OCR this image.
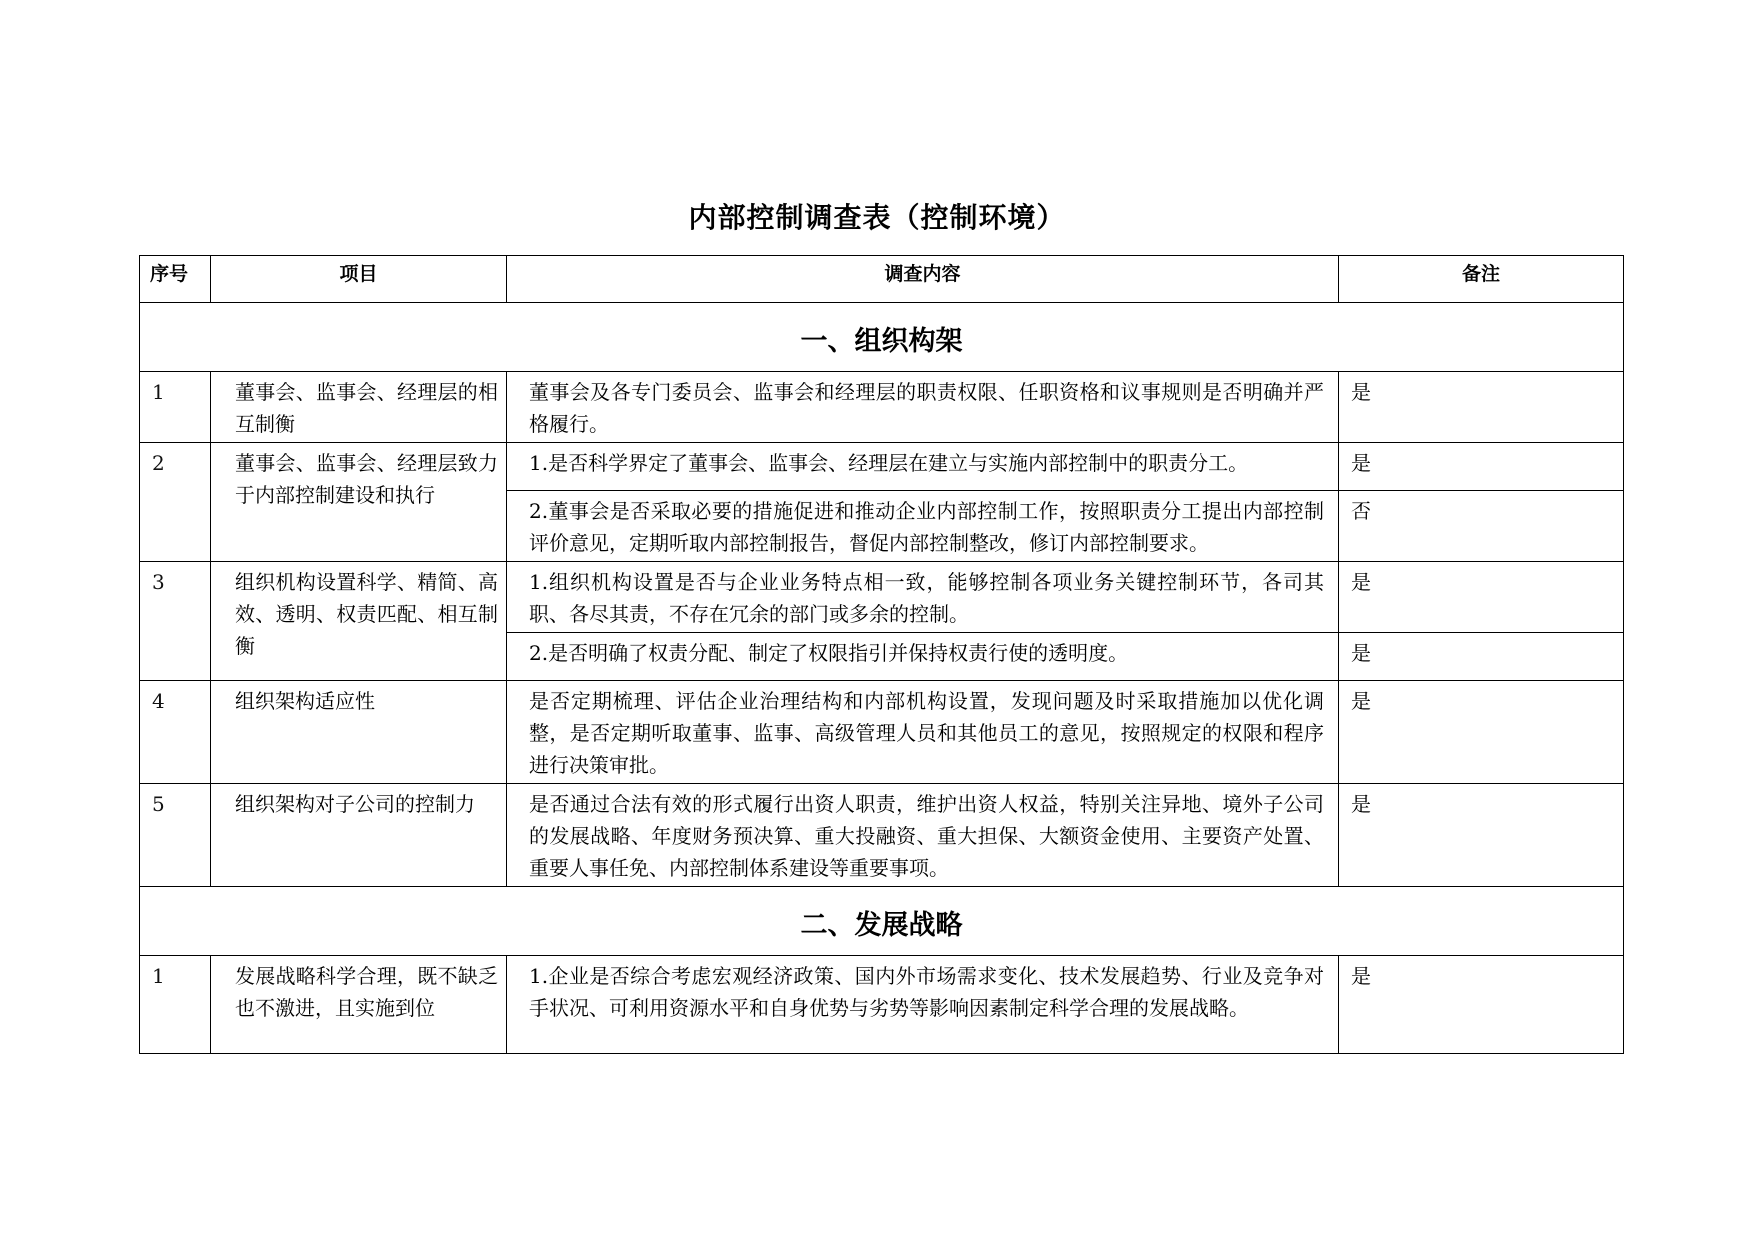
内部控制调查表（控制环境）
序号	项目	调查内容	备注
一、组织构架			
1	董事会、监事会、经理层的相互制衡	董事会及各专门委员会、监事会和经理层的职责权限、任职资格和议事规则是否明确并严格履行。	是
2	董事会、监事会、经理层致力于内部控制建设和执行	1.是否科学界定了董事会、监事会、经理层在建立与实施内部控制中的职责分工。	是
		2.董事会是否采取必要的措施促进和推动企业内部控制工作，按照职责分工提出内部控制评价意见，定期听取内部控制报告，督促内部控制整改，修订内部控制要求。	否
3	组织机构设置科学、精简、高效、透明、权责匹配、相互制衡	1.组织机构设置是否与企业业务特点相一致，能够控制各项业务关键控制环节，各司其职、各尽其责，不存在冗余的部门或多余的控制。	是
		2.是否明确了权责分配、制定了权限指引并保持权责行使的透明度。	是
4	组织架构适应性	是否定期梳理、评估企业治理结构和内部机构设置，发现问题及时采取措施加以优化调整，是否定期听取董事、监事、高级管理人员和其他员工的意见，按照规定的权限和程序进行决策审批。	是
5	组织架构对子公司的控制力	是否通过合法有效的形式履行出资人职责，维护出资人权益，特别关注异地、境外子公司的发展战略、年度财务预决算、重大投融资、重大担保、大额资金使用、主要资产处置、重要人事任免、内部控制体系建设等重要事项。	是
二、发展战略			
1	发展战略科学合理，既不缺乏也不激进，且实施到位	1.企业是否综合考虑宏观经济政策、国内外市场需求变化、技术发展趋势、行业及竞争对手状况、可利用资源水平和自身优势与劣势等影响因素制定科学合理的发展战略。	是
